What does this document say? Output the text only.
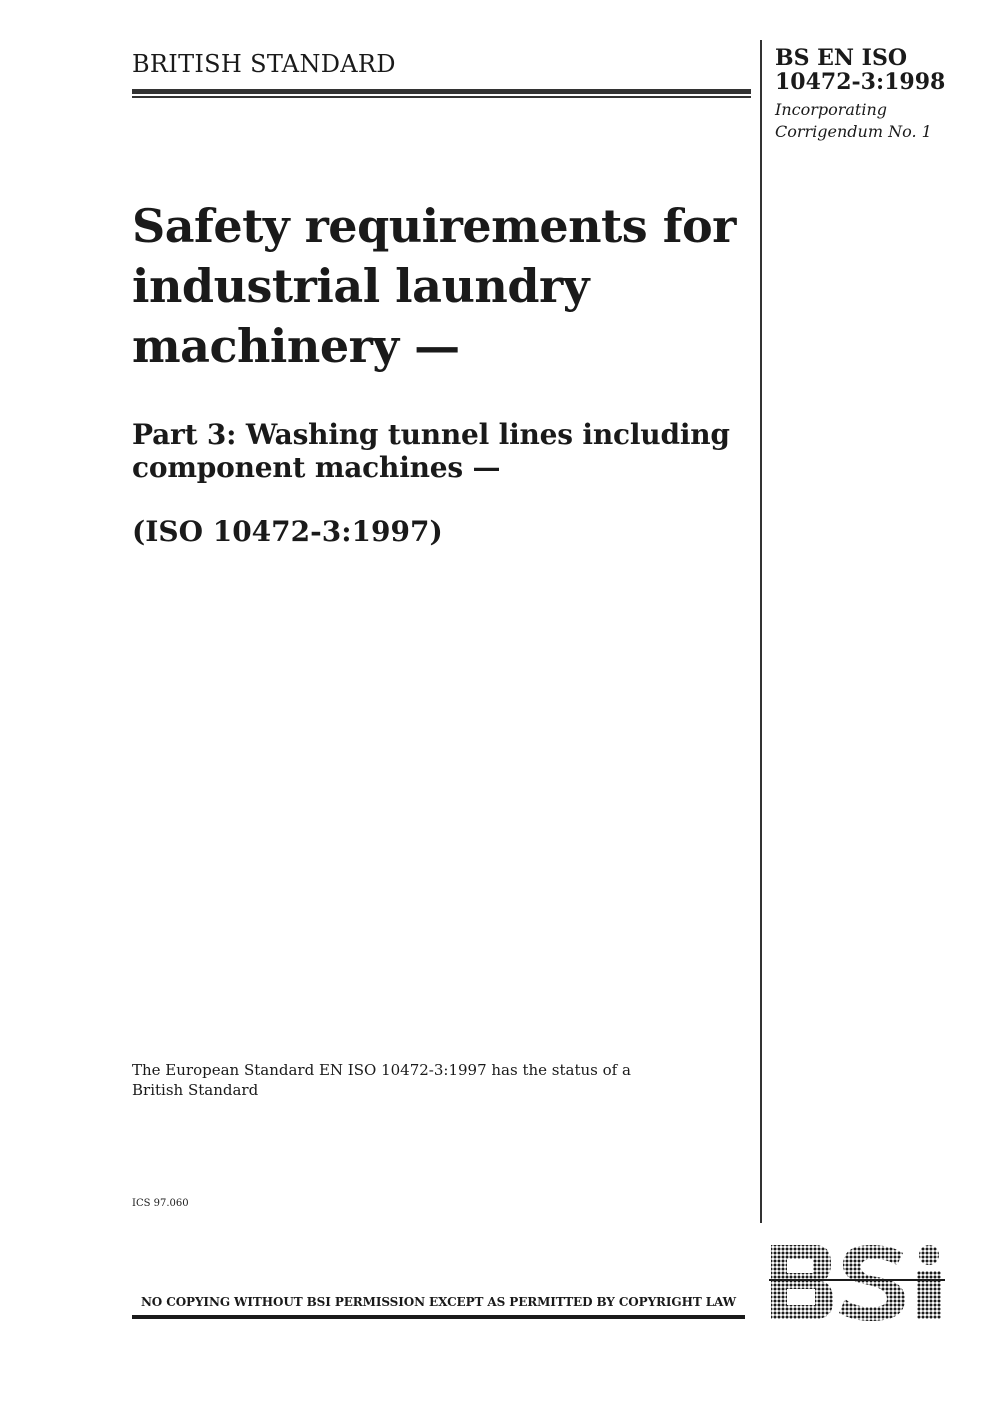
BRITISH STANDARD	BS EN ISO
10472-3:1998
Incorporating
Corrigendum No. 1
Safety requirements for
industrial laundry
machinery —
Part 3: Washing tunnel lines including
component machines —
(ISO 10472-3:1997)
The European Standard EN ISO 10472-3:1997 has the status of a
British Standard
ICS 97.060
NO COPYING WITHOUT BSI PERMISSION EXCEPT AS PERMITTED BY COPYRIGHT LAW
